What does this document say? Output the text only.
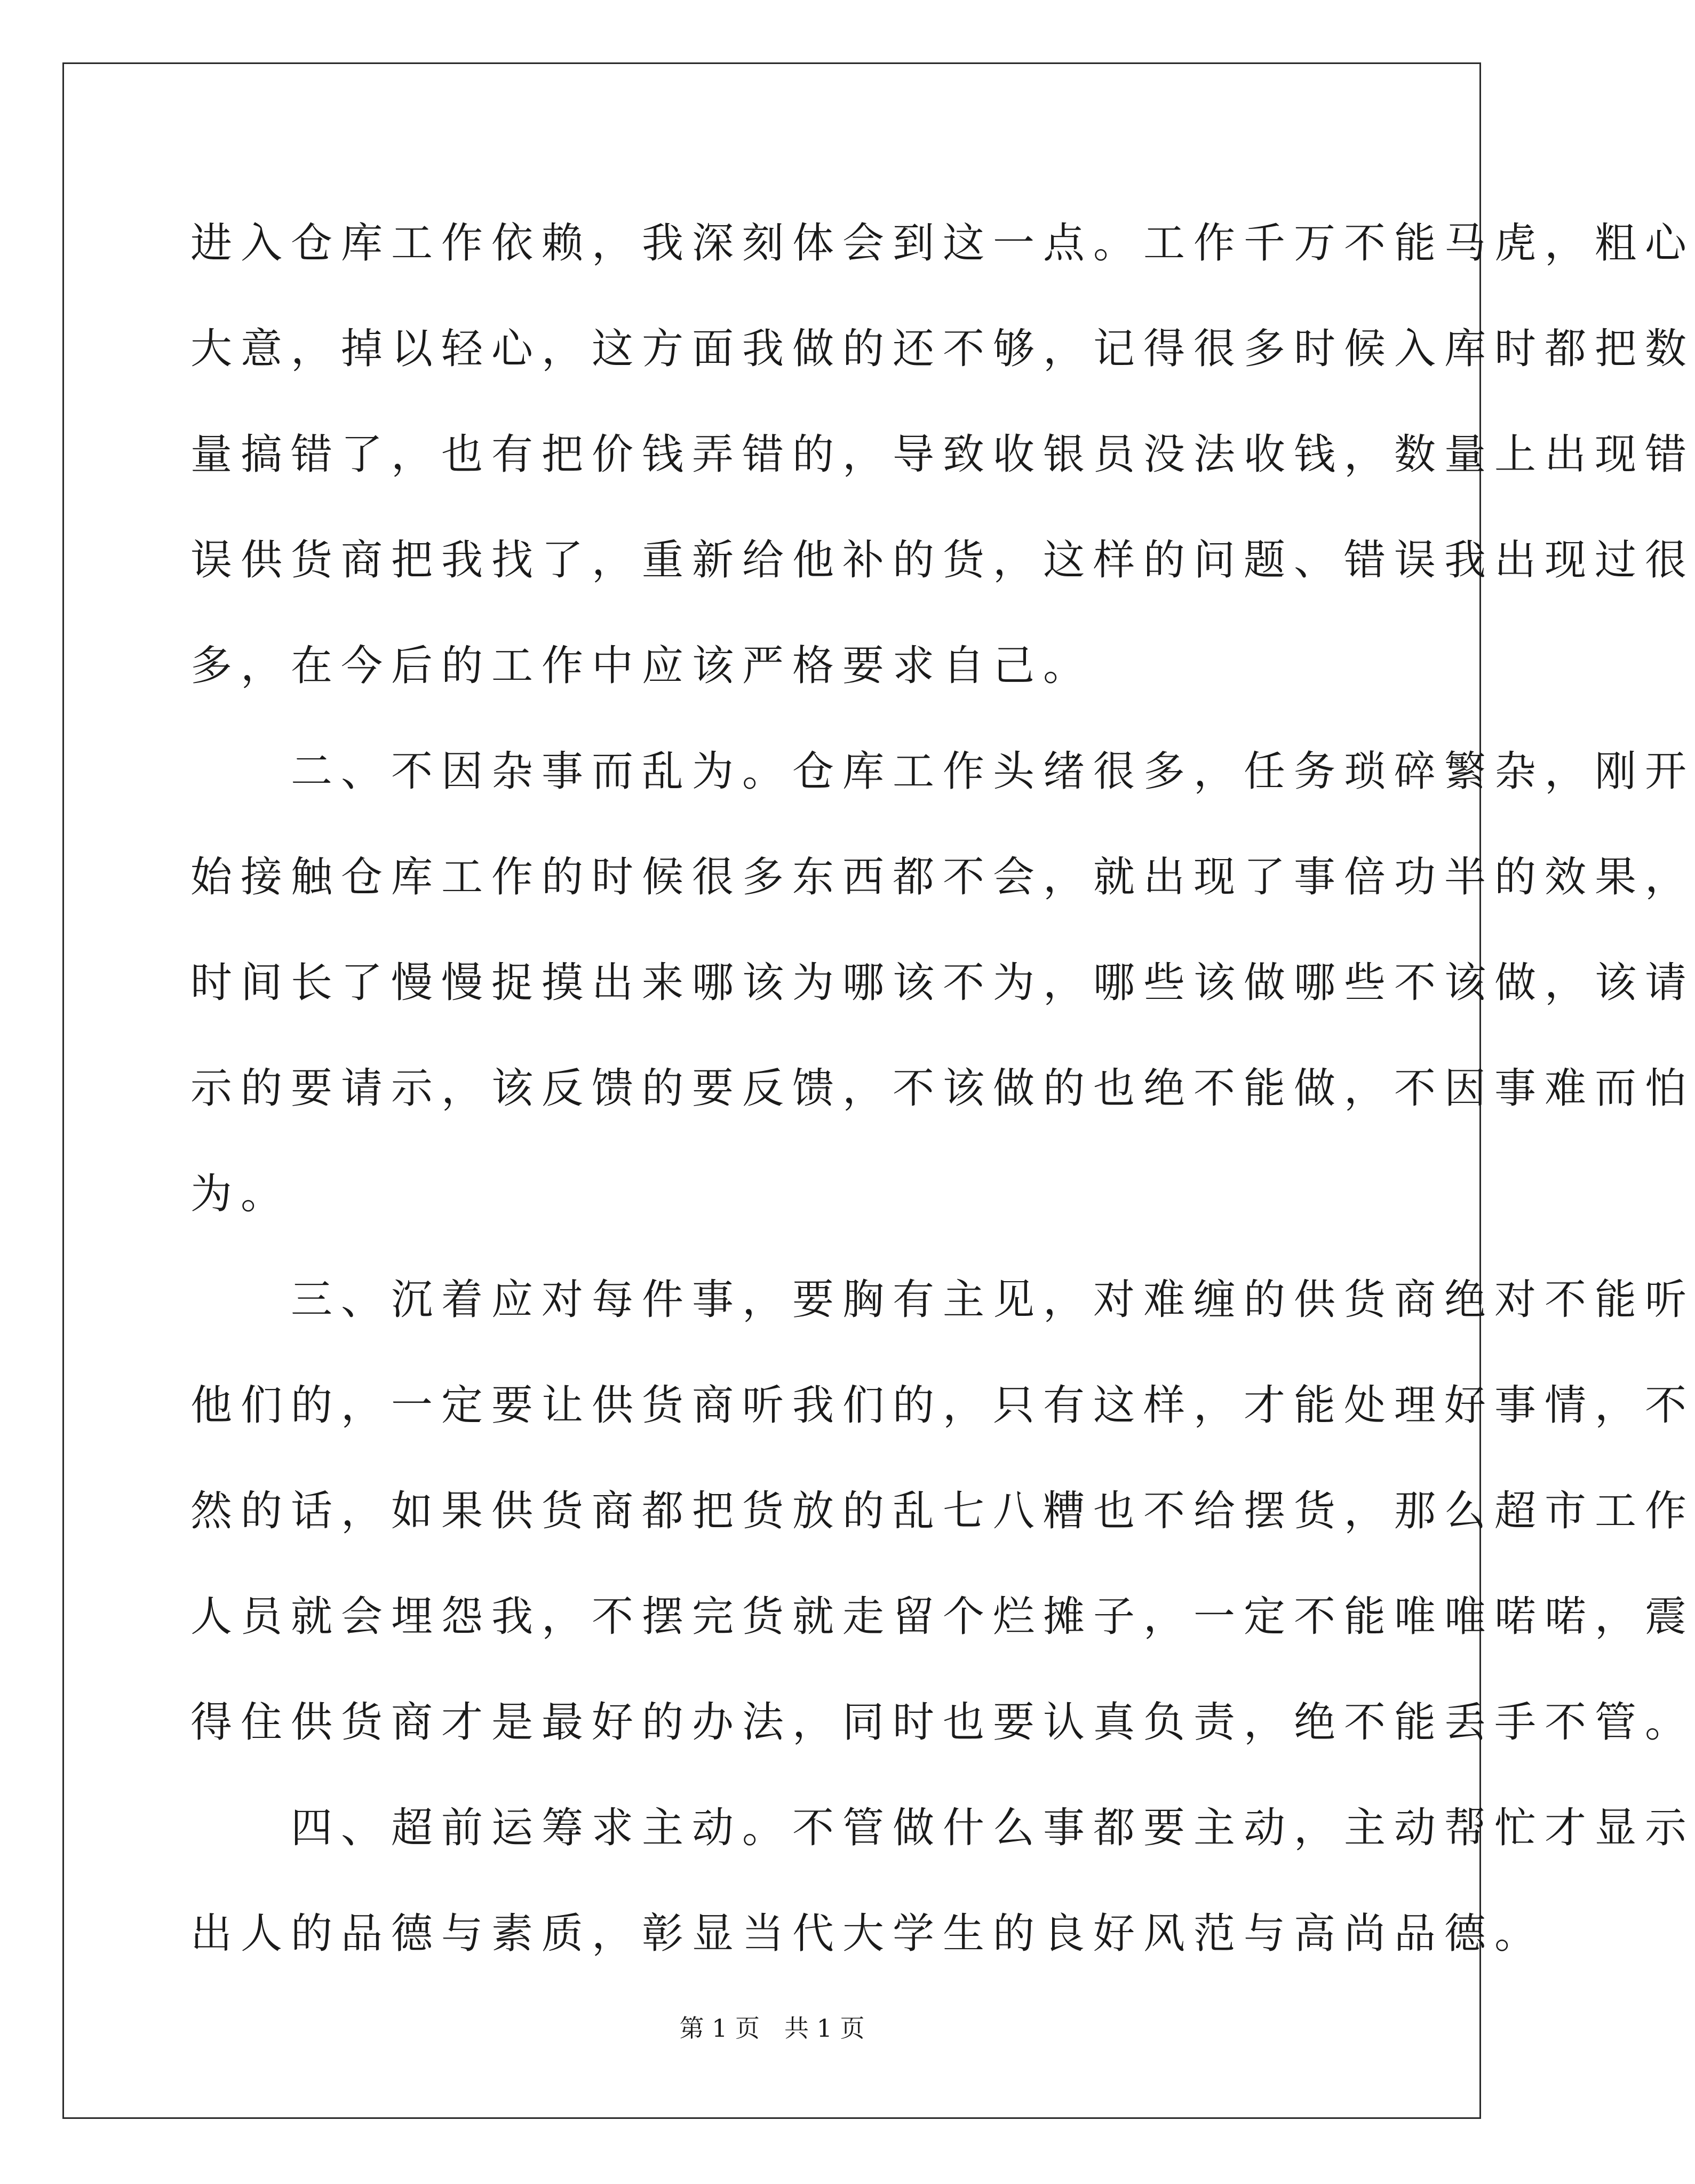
进入仓库工作依赖，我深刻体会到这一点。工作千万不能马虎，粗心
大意，掉以轻心，这方面我做的还不够，记得很多时候入库时都把数
量搞错了，也有把价钱弄错的，导致收银员没法收钱，数量上出现错
误供货商把我找了，重新给他补的货，这样的问题、错误我出现过很
多，在今后的工作中应该严格要求自己。
　　二、不因杂事而乱为。仓库工作头绪很多，任务琐碎繁杂，刚开
始接触仓库工作的时候很多东西都不会，就出现了事倍功半的效果，
时间长了慢慢捉摸出来哪该为哪该不为，哪些该做哪些不该做，该请
示的要请示，该反馈的要反馈，不该做的也绝不能做，不因事难而怕
为。
　　三、沉着应对每件事，要胸有主见，对难缠的供货商绝对不能听
他们的，一定要让供货商听我们的，只有这样，才能处理好事情，不
然的话，如果供货商都把货放的乱七八糟也不给摆货，那么超市工作
人员就会埋怨我，不摆完货就走留个烂摊子，一定不能唯唯喏喏，震
得住供货商才是最好的办法，同时也要认真负责，绝不能丢手不管。
　　四、超前运筹求主动。不管做什么事都要主动，主动帮忙才显示
出人的品德与素质，彰显当代大学生的良好风范与高尚品德。
第 1 页　共 1 页
